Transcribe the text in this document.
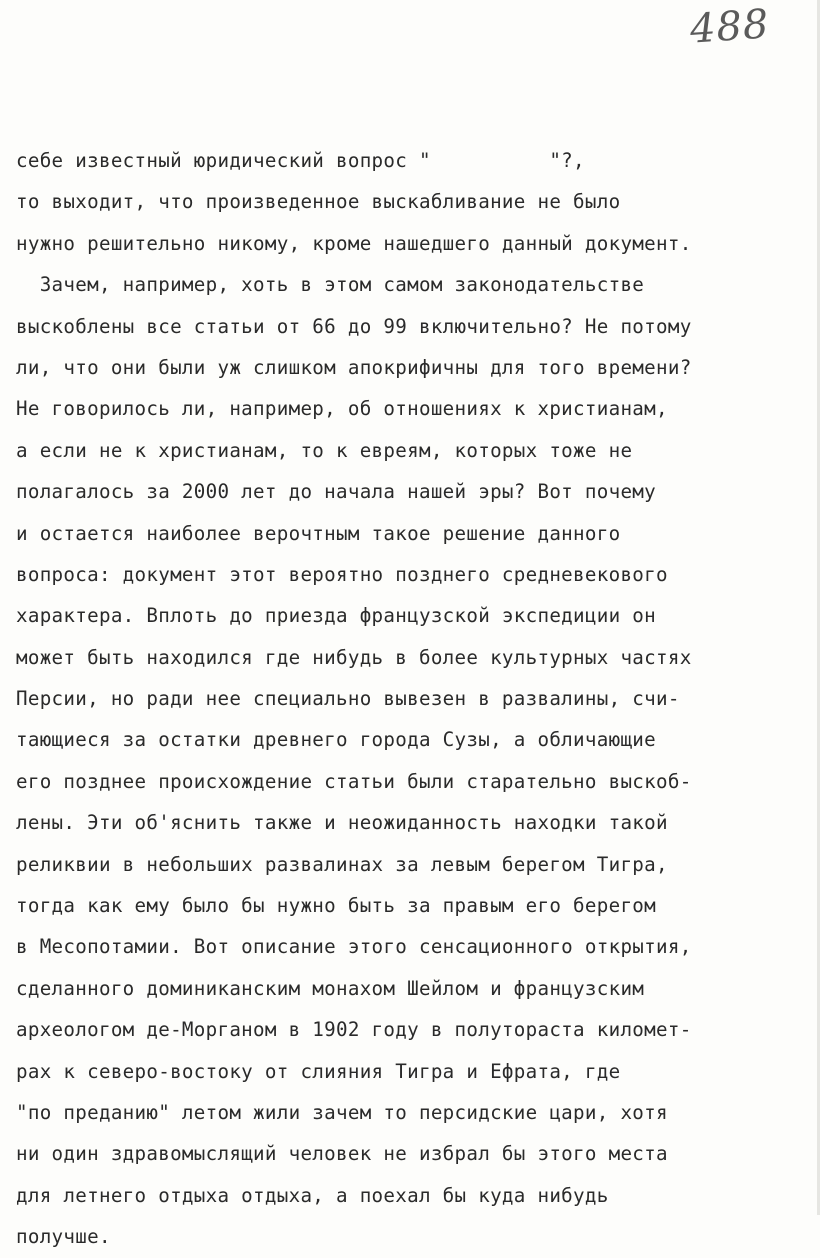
488
себе известный юридический вопрос "          "?,
то выходит, что произведенное выскабливание не было
нужно решительно никому, кроме нашедшего данный документ.
Зачем, например, хоть в этом самом законодательстве
выскоблены все статьи от 66 до 99 включительно? Не потому
ли, что они были уж слишком апокрифичны для того времени?
Не говорилось ли, например, об отношениях к христианам,
а если не к христианам, то к евреям, которых тоже не
полагалось за 2000 лет до начала нашей эры? Вот почему
и остается наиболее верочтным такое решение данного
вопроса: документ этот вероятно позднего средневекового
характера. Вплоть до приезда французской экспедиции он
может быть находился где нибудь в более культурных частях
Персии, но ради нее специально вывезен в развалины, счи-
тающиеся за остатки древнего города Сузы, а обличающие
его позднее происхождение статьи были старательно выскоб-
лены. Эти об'яснить также и неожиданность находки такой
реликвии в небольших развалинах за левым берегом Тигра,
тогда как ему было бы нужно быть за правым его берегом
в Месопотамии. Вот описание этого сенсационного открытия,
сделанного доминиканским монахом Шейлом и французским
археологом де-Морганом в 1902 году в полутораста километ-
рах к северо-востоку от слияния Тигра и Ефрата, где
"по преданию" летом жили зачем то персидские цари, хотя
ни один здравомыслящий человек не избрал бы этого места
для летнего отдыха отдыха, а поехал бы куда нибудь
получше.
